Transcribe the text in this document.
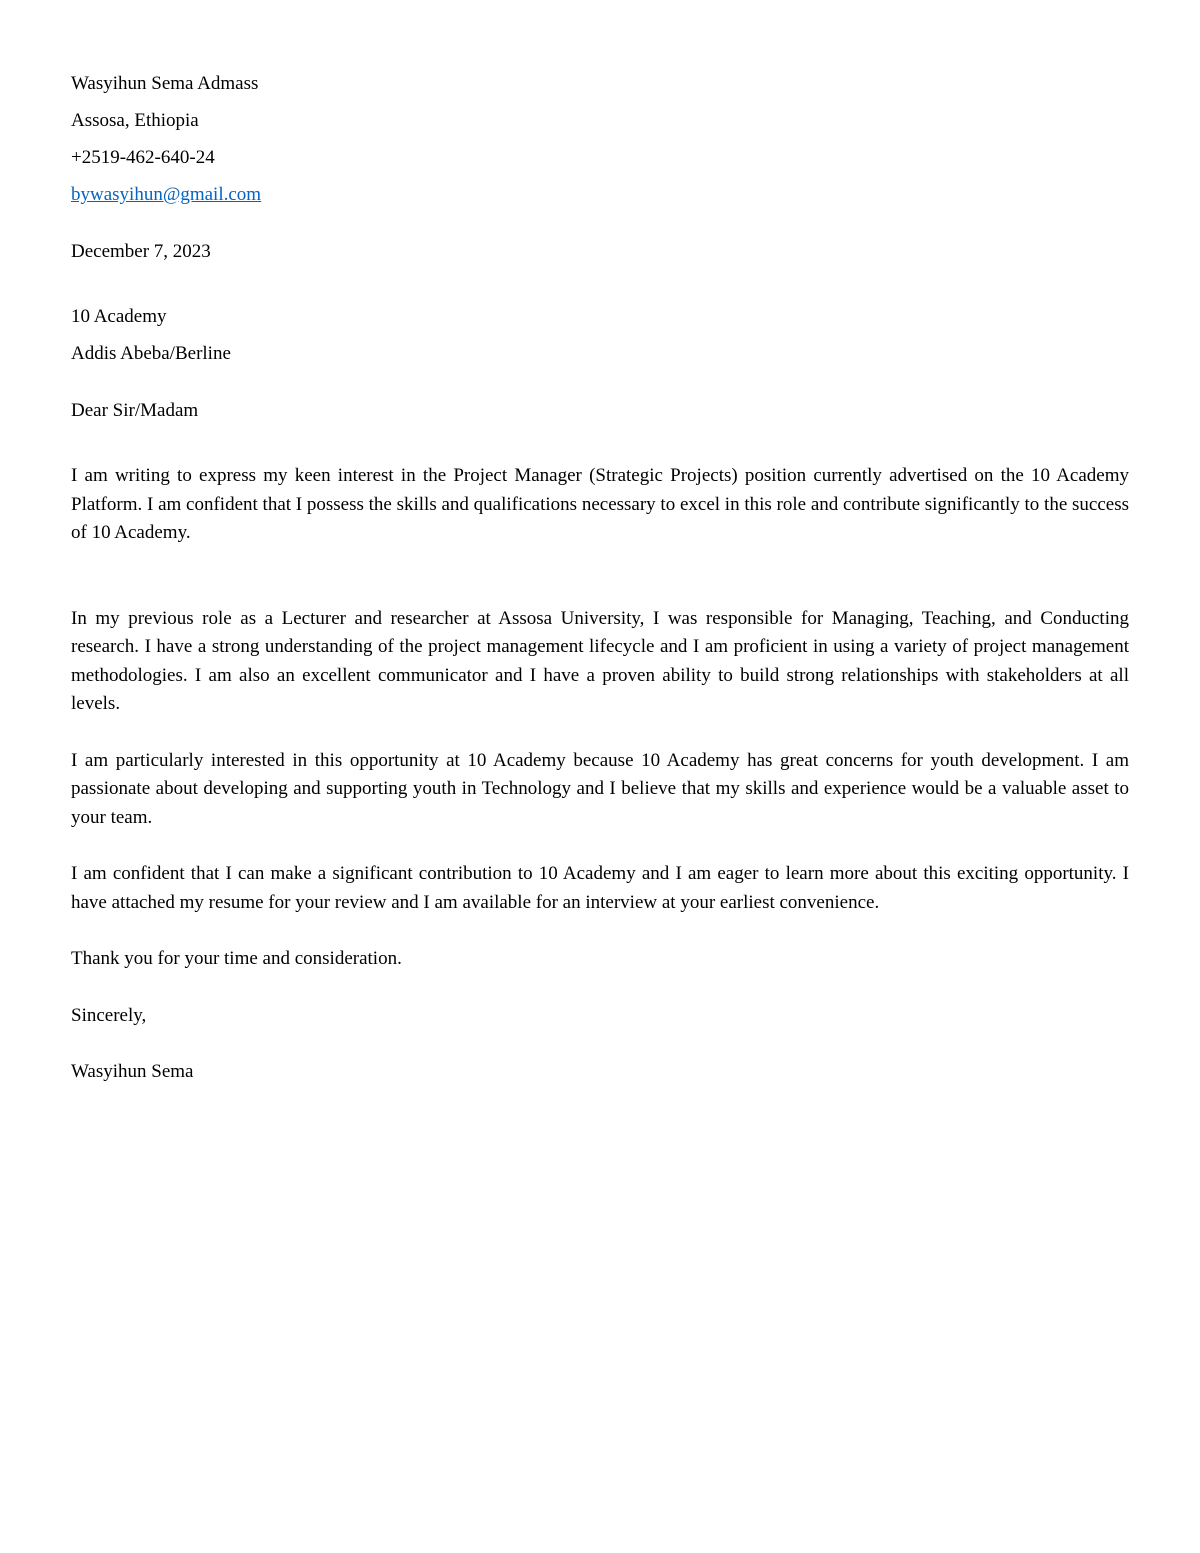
Wasyihun Sema Admass

Assosa, Ethiopia

+2519-462-640-24

bywasyihun@gmail.com

December 7, 2023

10 Academy

Addis Abeba/Berline

Dear Sir/Madam

I am writing to express my keen interest in the Project Manager (Strategic Projects) position currently advertised on the 10 Academy Platform. I am confident that I possess the skills and qualifications necessary to excel in this role and contribute significantly to the success of 10 Academy.

In my previous role as a Lecturer and researcher at Assosa University, I was responsible for Managing, Teaching, and Conducting research. I have a strong understanding of the project management lifecycle and I am proficient in using a variety of project management methodologies. I am also an excellent communicator and I have a proven ability to build strong relationships with stakeholders at all levels.

I am particularly interested in this opportunity at 10 Academy because 10 Academy has great concerns for youth development. I am passionate about developing and supporting youth in Technology and I believe that my skills and experience would be a valuable asset to your team.

I am confident that I can make a significant contribution to 10 Academy and I am eager to learn more about this exciting opportunity. I have attached my resume for your review and I am available for an interview at your earliest convenience.

Thank you for your time and consideration.

Sincerely,

Wasyihun Sema
